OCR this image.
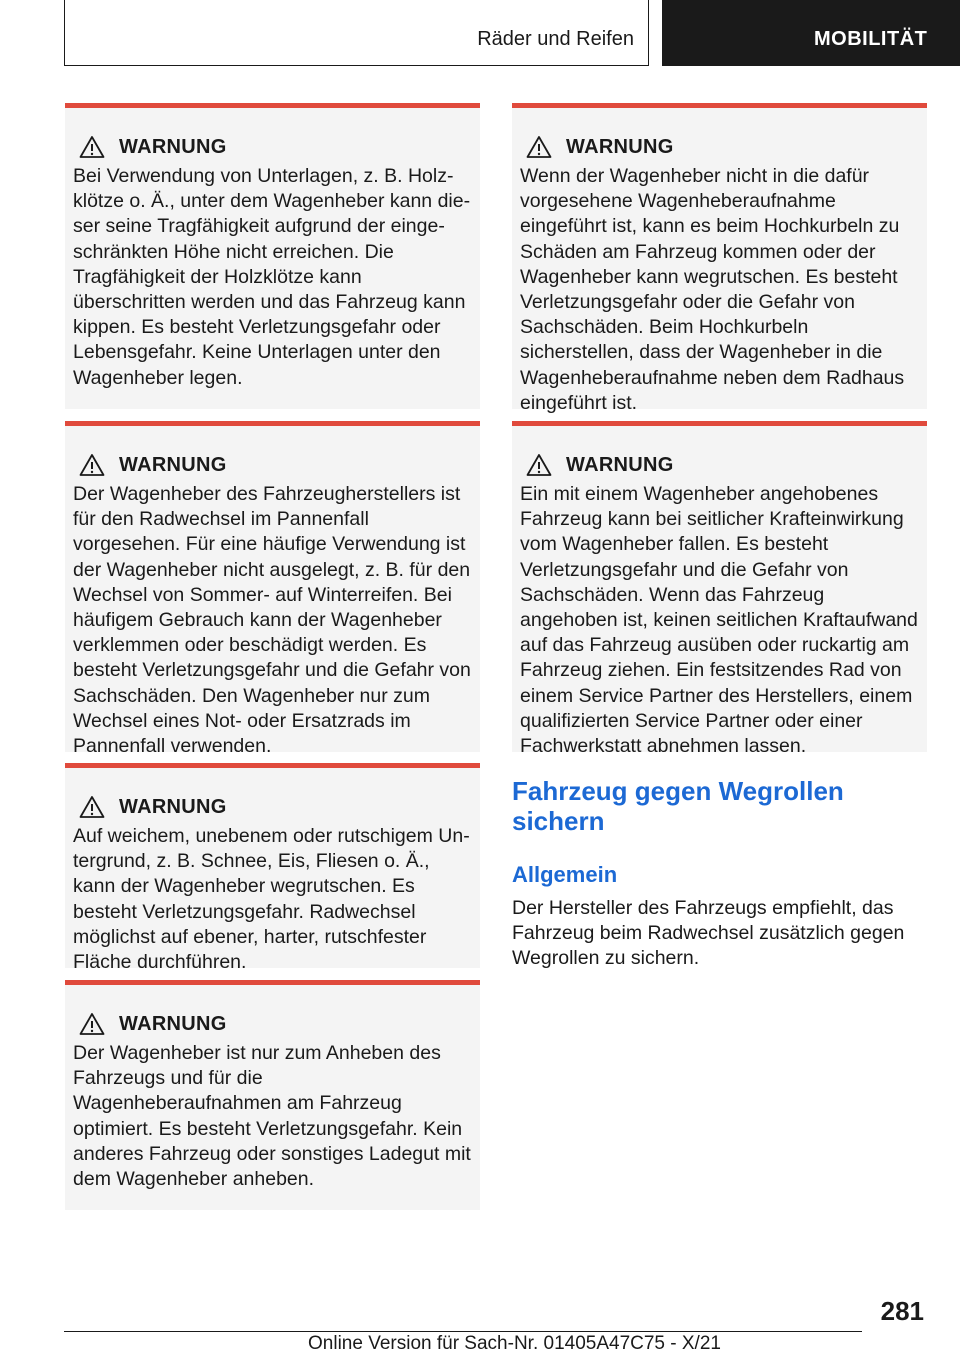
Räder und Reifen	MOBILITÄT
WARNUNG
Bei Verwendung von Unterlagen, z. B. Holzklötze o. Ä., unter dem Wagenheber kann dieser seine Tragfähigkeit aufgrund der eingeschränkten Höhe nicht erreichen. Die Tragfähigkeit der Holzklötze kann überschritten werden und das Fahrzeug kann kippen. Es besteht Verletzungsgefahr oder Lebensgefahr. Keine Unterlagen unter den Wagenheber legen.
WARNUNG
Der Wagenheber des Fahrzeugherstellers ist für den Radwechsel im Pannenfall vorgesehen. Für eine häufige Verwendung ist der Wagenheber nicht ausgelegt, z. B. für den Wechsel von Sommer- auf Winterreifen. Bei häufigem Gebrauch kann der Wagenheber verklemmen oder beschädigt werden. Es besteht Verletzungsgefahr und die Gefahr von Sachschäden. Den Wagenheber nur zum Wechsel eines Not- oder Ersatzrads im Pannenfall verwenden.
WARNUNG
Auf weichem, unebenem oder rutschigem Untergrund, z. B. Schnee, Eis, Fliesen o. Ä., kann der Wagenheber wegrutschen. Es besteht Verletzungsgefahr. Radwechsel möglichst auf ebener, harter, rutschfester Fläche durchführen.
WARNUNG
Der Wagenheber ist nur zum Anheben des Fahrzeugs und für die Wagenheberaufnahmen am Fahrzeug optimiert. Es besteht Verletzungsgefahr. Kein anderes Fahrzeug oder sonstiges Ladegut mit dem Wagenheber anheben.
WARNUNG
Wenn der Wagenheber nicht in die dafür vorgesehene Wagenheberaufnahme eingeführt ist, kann es beim Hochkurbeln zu Schäden am Fahrzeug kommen oder der Wagenheber kann wegrutschen. Es besteht Verletzungsgefahr oder die Gefahr von Sachschäden. Beim Hochkurbeln sicherstellen, dass der Wagenheber in die Wagenheberaufnahme neben dem Radhaus eingeführt ist.
WARNUNG
Ein mit einem Wagenheber angehobenes Fahrzeug kann bei seitlicher Krafteinwirkung vom Wagenheber fallen. Es besteht Verletzungsgefahr und die Gefahr von Sachschäden. Wenn das Fahrzeug angehoben ist, keinen seitlichen Kraftaufwand auf das Fahrzeug ausüben oder ruckartig am Fahrzeug ziehen. Ein festsitzendes Rad von einem Service Partner des Herstellers, einem qualifizierten Service Partner oder einer Fachwerkstatt abnehmen lassen.
Fahrzeug gegen Wegrollen sichern
Allgemein
Der Hersteller des Fahrzeugs empfiehlt, das Fahrzeug beim Radwechsel zusätzlich gegen Wegrollen zu sichern.
281
Online Version für Sach-Nr. 01405A47C75 - X/21
